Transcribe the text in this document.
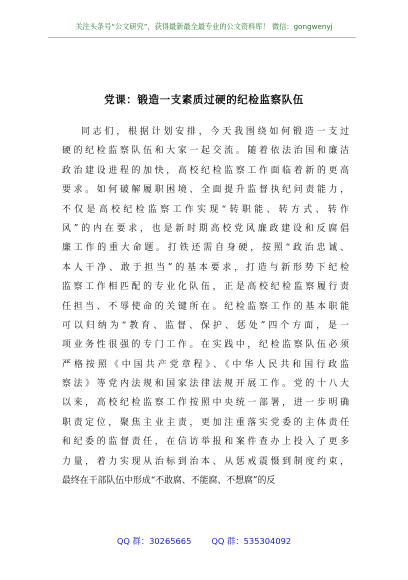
关注头条号“公文研究”，获得最新最全最专业的公文资料库！ 微信：gongwenyj
党课：锻造一支素质过硬的纪检监察队伍
同志们，根据计划安排，今天我围绕如何锻造一支过
硬的纪检监察队伍和大家一起交流。随着依法治国和廉洁
政治建设进程的加快，高校纪检监察工作面临着新的更高
要求。如何破解履职困境、全面提升监督执纪问责能力，
不仅是高校纪检监察工作实现“转职能、转方式、转作
风”的内在要求，也是新时期高校党风廉政建设和反腐倡
廉工作的重大命题。打铁还需自身硬，按照“政治忠诚、
本人干净、敢于担当”的基本要求，打造与新形势下纪检
监察工作相匹配的专业化队伍，正是高校纪检监察履行责
任担当、不辱使命的关键所在。纪检监察工作的基本职能
可以归纳为“教育、监督、保护、惩处”四个方面，是一
项业务性很强的专门工作。在实践中，纪检监察队伍必须
严格按照《中国共产党章程》、《中华人民共和国行政监
察法》等党内法规和国家法律法规开展工作。党的十八大
以来，高校纪检监察工作按照中央统一部署，进一步明确
职责定位，聚焦主业主责，更加注重落实党委的主体责任
和纪委的监督责任，在信访举报和案件查办上投入了更多
力量，着力实现从治标到治本、从惩戒震慑到制度约束，
最终在干部队伍中形成“不敢腐、不能腐、不想腐”的反
QQ 群：30265665 QQ 群：535304092
